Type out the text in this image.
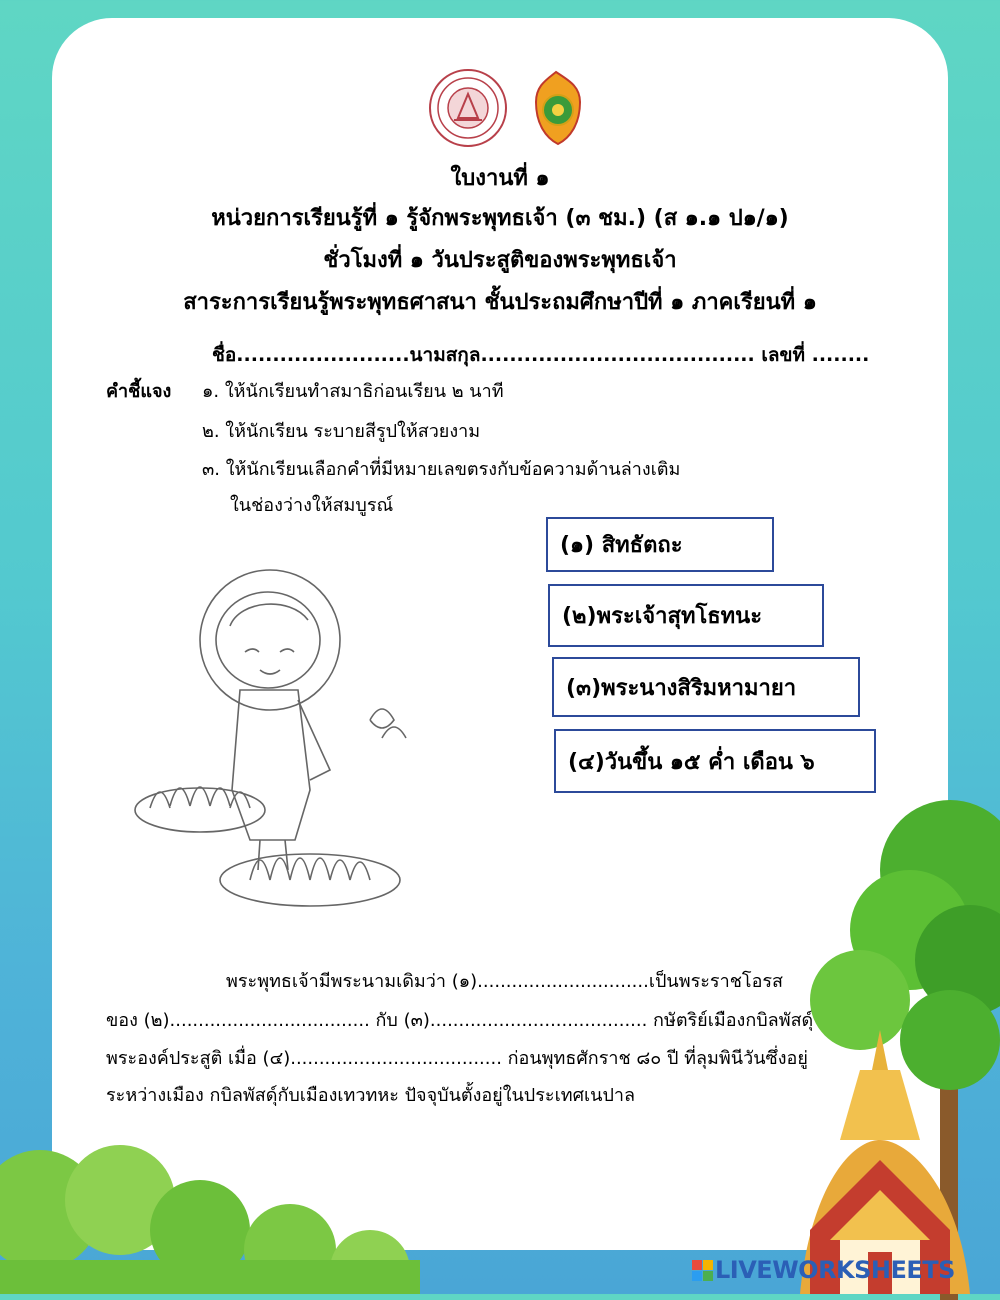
ใบงานที่ ๑
หน่วยการเรียนรู้ที่ ๑ รู้จักพระพุทธเจ้า (๓ ชม.) (ส ๑.๑ ป๑/๑)
ชั่วโมงที่ ๑ วันประสูติของพระพุทธเจ้า
สาระการเรียนรู้พระพุทธศาสนา ชั้นประถมศึกษาปีที่ ๑ ภาคเรียนที่ ๑
ชื่อ........................นามสกุล...................................... เลขที่ ........
คำชี้แจง ๑. ให้นักเรียนทำสมาธิก่อนเรียน ๒ นาที
๒. ให้นักเรียน ระบายสีรูปให้สวยงาม
๓. ให้นักเรียนเลือกคำที่มีหมายเลขตรงกับข้อความด้านล่างเติม
ในช่องว่างให้สมบูรณ์
(๑) สิทธัตถะ
(๒)พระเจ้าสุทโธทนะ
(๓)พระนางสิริมหามายา
(๔)วันขึ้น ๑๕ ค่ำ เดือน ๖
พระพุทธเจ้ามีพระนามเดิมว่า (๑)..............................เป็นพระราชโอรส
ของ (๒)................................... กับ (๓)...................................... กษัตริย์เมืองกบิลพัสดุ์
พระองค์ประสูติ เมื่อ (๔)..................................... ก่อนพุทธศักราช ๘๐ ปี ที่ลุมพินีวันซึ่งอยู่
ระหว่างเมือง กบิลพัสดุ์กับเมืองเทวทหะ ปัจจุบันตั้งอยู่ในประเทศเนปาล
LIVEWORKSHEETS
